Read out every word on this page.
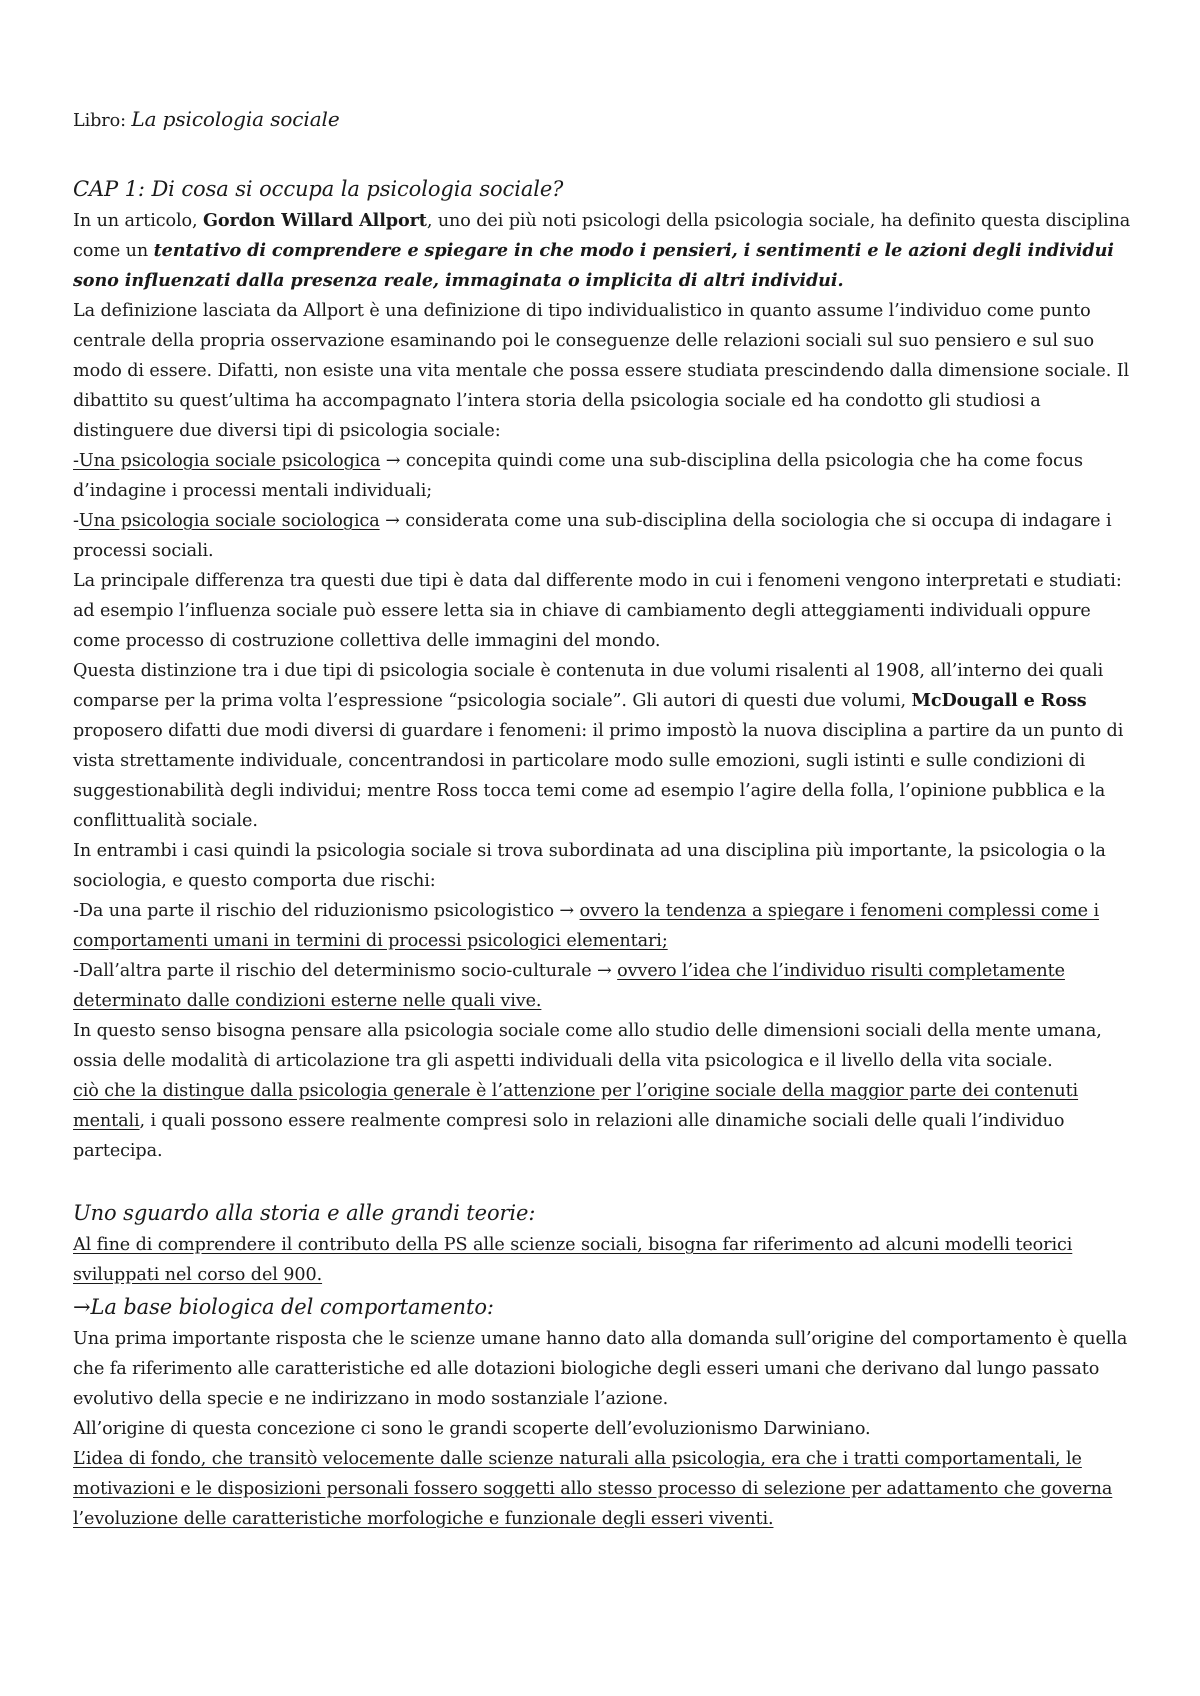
Libro: La psicologia sociale

CAP 1: Di cosa si occupa la psicologia sociale?

In un articolo, Gordon Willard Allport, uno dei più noti psicologi della psicologia sociale, ha definito questa disciplina come un tentativo di comprendere e spiegare in che modo i pensieri, i sentimenti e le azioni degli individui sono influenzati dalla presenza reale, immaginata o implicita di altri individui.

La definizione lasciata da Allport è una definizione di tipo individualistico in quanto assume l’individuo come punto centrale della propria osservazione esaminando poi le conseguenze delle relazioni sociali sul suo pensiero e sul suo modo di essere. Difatti, non esiste una vita mentale che possa essere studiata prescindendo dalla dimensione sociale. Il dibattito su quest’ultima ha accompagnato l’intera storia della psicologia sociale ed ha condotto gli studiosi a distinguere due diversi tipi di psicologia sociale:

-Una psicologia sociale psicologica → concepita quindi come una sub-disciplina della psicologia che ha come focus d’indagine i processi mentali individuali;

-Una psicologia sociale sociologica → considerata come una sub-disciplina della sociologia che si occupa di indagare i processi sociali.

La principale differenza tra questi due tipi è data dal differente modo in cui i fenomeni vengono interpretati e studiati: ad esempio l’influenza sociale può essere letta sia in chiave di cambiamento degli atteggiamenti individuali oppure come processo di costruzione collettiva delle immagini del mondo.

Questa distinzione tra i due tipi di psicologia sociale è contenuta in due volumi risalenti al 1908, all’interno dei quali comparse per la prima volta l’espressione “psicologia sociale”. Gli autori di questi due volumi, McDougall e Ross proposero difatti due modi diversi di guardare i fenomeni: il primo impostò la nuova disciplina a partire da un punto di vista strettamente individuale, concentrandosi in particolare modo sulle emozioni, sugli istinti e sulle condizioni di suggestionabilità degli individui; mentre Ross tocca temi come ad esempio l’agire della folla, l’opinione pubblica e la conflittualità sociale.

In entrambi i casi quindi la psicologia sociale si trova subordinata ad una disciplina più importante, la psicologia o la sociologia, e questo comporta due rischi:

-Da una parte il rischio del riduzionismo psicologistico → ovvero la tendenza a spiegare i fenomeni complessi come i comportamenti umani in termini di processi psicologici elementari;

-Dall’altra parte il rischio del determinismo socio-culturale → ovvero l’idea che l’individuo risulti completamente determinato dalle condizioni esterne nelle quali vive.

In questo senso bisogna pensare alla psicologia sociale come allo studio delle dimensioni sociali della mente umana, ossia delle modalità di articolazione tra gli aspetti individuali della vita psicologica e il livello della vita sociale.

ciò che la distingue dalla psicologia generale è l’attenzione per l’origine sociale della maggior parte dei contenuti mentali, i quali possono essere realmente compresi solo in relazioni alle dinamiche sociali delle quali l’individuo partecipa.

Uno sguardo alla storia e alle grandi teorie:

Al fine di comprendere il contributo della PS alle scienze sociali, bisogna far riferimento ad alcuni modelli teorici sviluppati nel corso del 900.

→La base biologica del comportamento:

Una prima importante risposta che le scienze umane hanno dato alla domanda sull’origine del comportamento è quella che fa riferimento alle caratteristiche ed alle dotazioni biologiche degli esseri umani che derivano dal lungo passato evolutivo della specie e ne indirizzano in modo sostanziale l’azione.

All’origine di questa concezione ci sono le grandi scoperte dell’evoluzionismo Darwiniano.

L’idea di fondo, che transitò velocemente dalle scienze naturali alla psicologia, era che i tratti comportamentali, le motivazioni e le disposizioni personali fossero soggetti allo stesso processo di selezione per adattamento che governa l’evoluzione delle caratteristiche morfologiche e funzionale degli esseri viventi.
